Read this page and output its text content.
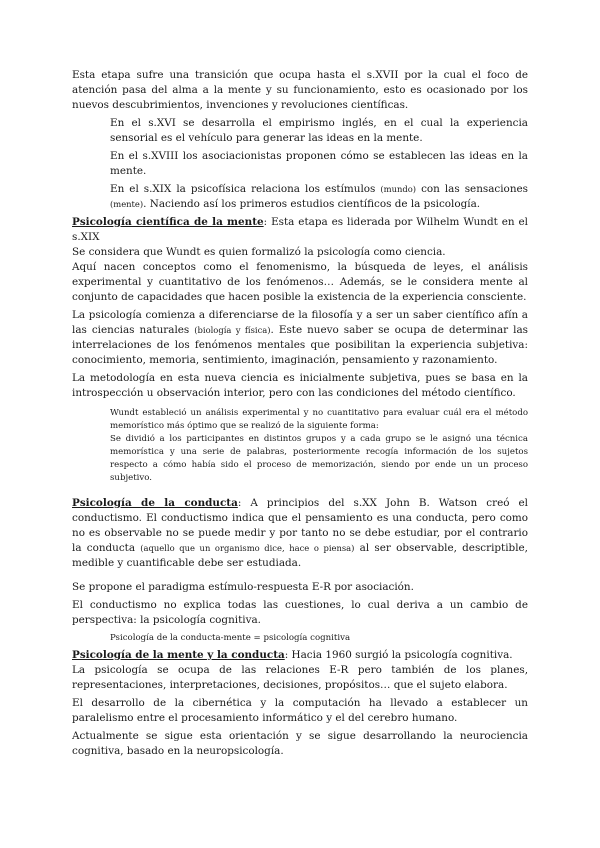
Esta etapa sufre una transición que ocupa hasta el s.XVII por la cual el foco de atención pasa del alma a la mente y su funcionamiento, esto es ocasionado por los nuevos descubrimientos, invenciones y revoluciones científicas.

En el s.XVI se desarrolla el empirismo inglés, en el cual la experiencia sensorial es el vehículo para generar las ideas en la mente.

En el s.XVIII los asociacionistas proponen cómo se establecen las ideas en la mente.

En el s.XIX la psicofísica relaciona los estímulos (mundo) con las sensaciones (mente). Naciendo así los primeros estudios científicos de la psicología.

Psicología científica de la mente: Esta etapa es liderada por Wilhelm Wundt en el s.XIX

Se considera que Wundt es quien formalizó la psicología como ciencia.

Aquí nacen conceptos como el fenomenismo, la búsqueda de leyes, el análisis experimental y cuantitativo de los fenómenos… Además, se le considera mente al conjunto de capacidades que hacen posible la existencia de la experiencia consciente.

La psicología comienza a diferenciarse de la filosofía y a ser un saber científico afín a las ciencias naturales (biología y física). Este nuevo saber se ocupa de determinar las interrelaciones de los fenómenos mentales que posibilitan la experiencia subjetiva: conocimiento, memoria, sentimiento, imaginación, pensamiento y razonamiento.

La metodología en esta nueva ciencia es inicialmente subjetiva, pues se basa en la introspección u observación interior, pero con las condiciones del método científico.

Wundt estableció un análisis experimental y no cuantitativo para evaluar cuál era el método memorístico más óptimo que se realizó de la siguiente forma:

Se dividió a los participantes en distintos grupos y a cada grupo se le asignó una técnica memorística y una serie de palabras, posteriormente recogía información de los sujetos respecto a cómo había sido el proceso de memorización, siendo por ende un un proceso subjetivo.

Psicología de la conducta: A principios del s.XX John B. Watson creó el conductismo. El conductismo indica que el pensamiento es una conducta, pero como no es observable no se puede medir y por tanto no se debe estudiar, por el contrario la conducta (aquello que un organismo dice, hace o piensa) al ser observable, descriptible, medible y cuantificable debe ser estudiada.

Se propone el paradigma estímulo-respuesta E-R por asociación.

El conductismo no explica todas las cuestiones, lo cual deriva a un cambio de perspectiva: la psicología cognitiva.

Psicología de la conducta-mente = psicología cognitiva

Psicología de la mente y la conducta: Hacia 1960 surgió la psicología cognitiva.

La psicología se ocupa de las relaciones E-R pero también de los planes, representaciones, interpretaciones, decisiones, propósitos… que el sujeto elabora.

El desarrollo de la cibernética y la computación ha llevado a establecer un paralelismo entre el procesamiento informático y el del cerebro humano.

Actualmente se sigue esta orientación y se sigue desarrollando la neurociencia cognitiva, basado en la neuropsicología.
